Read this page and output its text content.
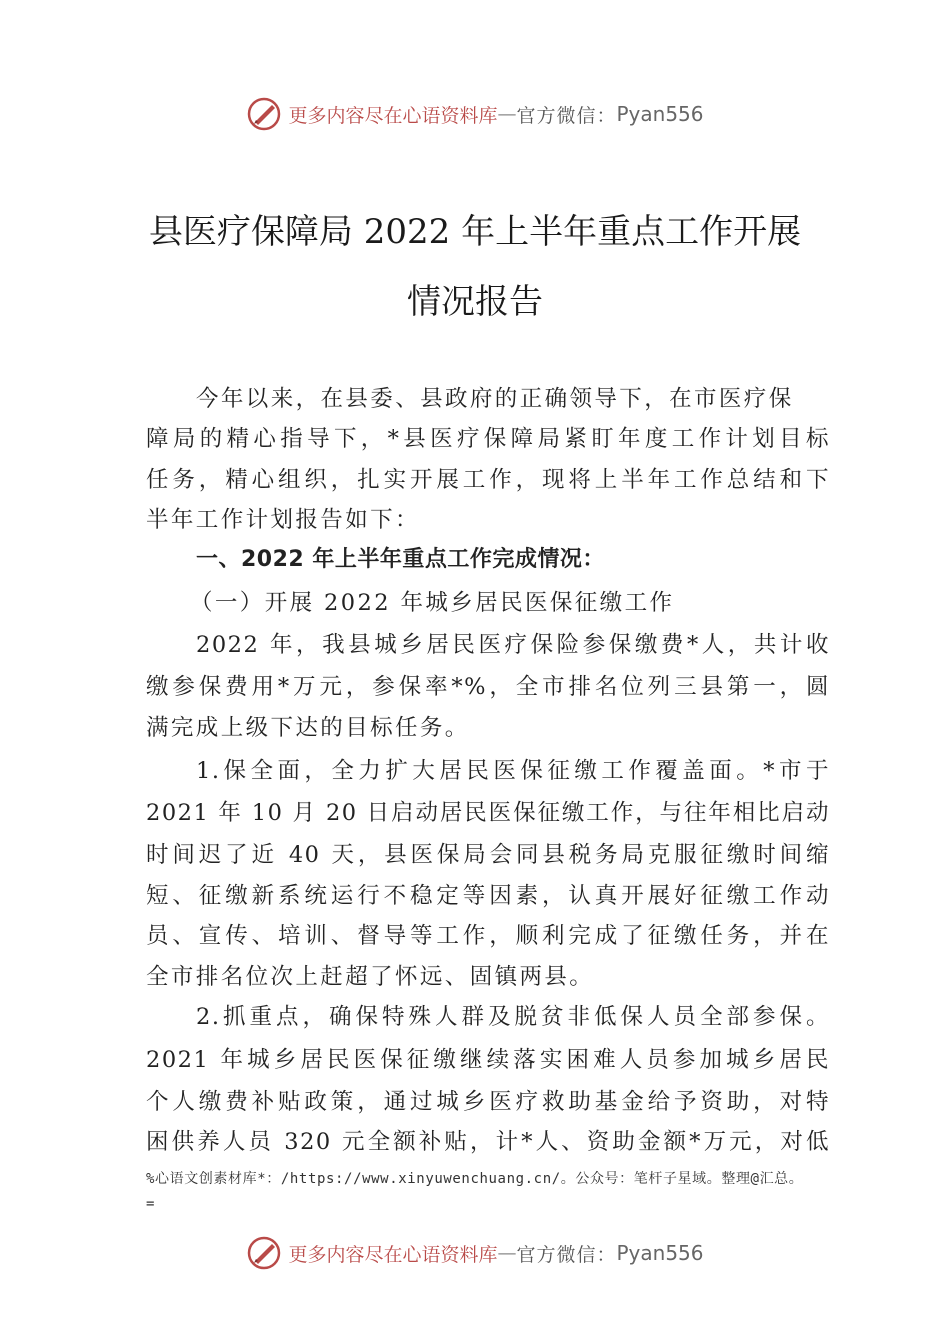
更多内容尽在心语资料库 — 官方微信： Pyan556
县医疗保障局 2022 年上半年重点工作开展
情况报告
今年以来，在县委、县政府的正确领导下，在市医疗保
障局的精心指导下，*县医疗保障局紧盯年度工作计划目标
任务，精心组织，扎实开展工作，现将上半年工作总结和下
半年工作计划报告如下：
一、2022 年上半年重点工作完成情况：
（一）开展 2022 年城乡居民医保征缴工作
2022 年，我县城乡居民医疗保险参保缴费*人，共计收
缴参保费用*万元，参保率*%，全市排名位列三县第一，圆
满完成上级下达的目标任务。
1.保全面，全力扩大居民医保征缴工作覆盖面。*市于
2021 年 10 月 20 日启动居民医保征缴工作，与往年相比启动
时间迟了近 40 天，县医保局会同县税务局克服征缴时间缩
短、征缴新系统运行不稳定等因素，认真开展好征缴工作动
员、宣传、培训、督导等工作，顺利完成了征缴任务，并在
全市排名位次上赶超了怀远、固镇两县。
2.抓重点，确保特殊人群及脱贫非低保人员全部参保。
2021 年城乡居民医保征缴继续落实困难人员参加城乡居民
个人缴费补贴政策，通过城乡医疗救助基金给予资助，对特
困供养人员 320 元全额补贴，计*人、资助金额*万元，对低
%心语文创素材库*：/https://www.xinyuwenchuang.cn/。公众号：笔杆子星域。整理@汇总。
=
更多内容尽在心语资料库 — 官方微信： Pyan556
